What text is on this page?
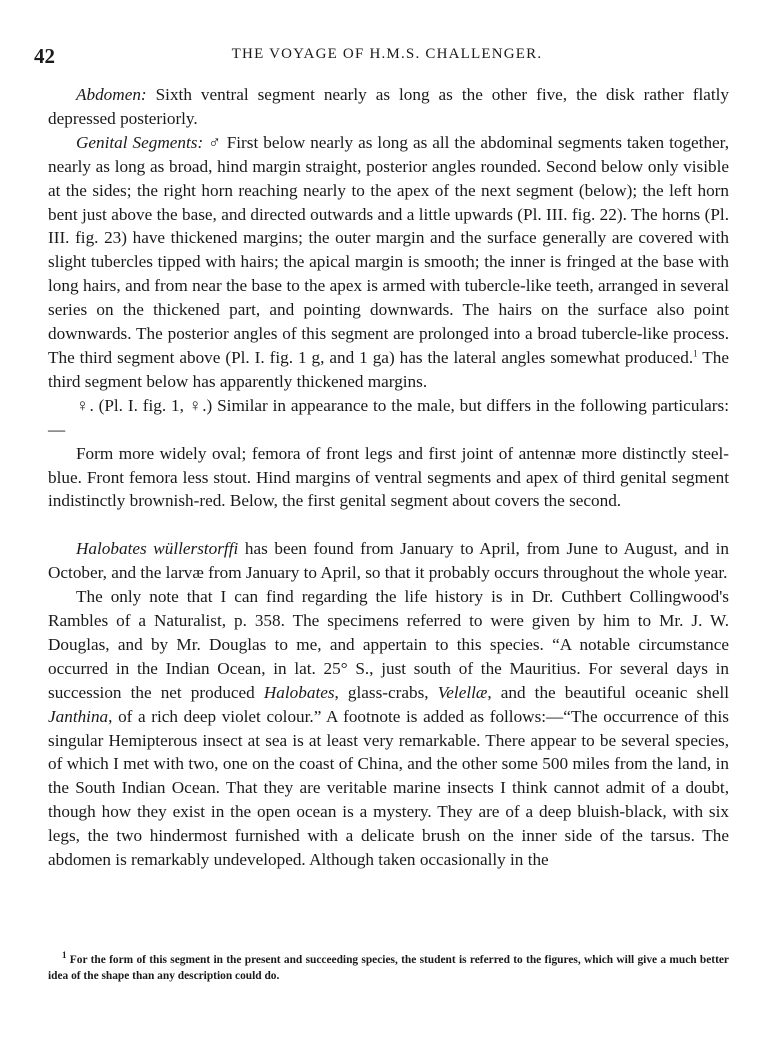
42	THE VOYAGE OF H.M.S. CHALLENGER.

Abdomen: Sixth ventral segment nearly as long as the other five, the disk rather flatly depressed posteriorly.

Genital Segments: ♂ First below nearly as long as all the abdominal segments taken together, nearly as long as broad, hind margin straight, posterior angles rounded. Second below only visible at the sides; the right horn reaching nearly to the apex of the next segment (below); the left horn bent just above the base, and directed outwards and a little upwards (Pl. III. fig. 22). The horns (Pl. III. fig. 23) have thickened margins; the outer margin and the surface generally are covered with slight tubercles tipped with hairs; the apical margin is smooth; the inner is fringed at the base with long hairs, and from near the base to the apex is armed with tubercle-like teeth, arranged in several series on the thickened part, and pointing downwards. The hairs on the surface also point downwards. The posterior angles of this segment are prolonged into a broad tubercle-like process. The third segment above (Pl. I. fig. 1 g, and 1 ga) has the lateral angles somewhat produced.$^1$ The third segment below has apparently thickened margins.

♀. (Pl. I. fig. 1, ♀.) Similar in appearance to the male, but differs in the following particulars:—

Form more widely oval; femora of front legs and first joint of antennæ more distinctly steel-blue. Front femora less stout. Hind margins of ventral segments and apex of third genital segment indistinctly brownish-red. Below, the first genital segment about covers the second.

Halobates wüllerstorffi has been found from January to April, from June to August, and in October, and the larvæ from January to April, so that it probably occurs throughout the whole year.

The only note that I can find regarding the life history is in Dr. Cuthbert Collingwood's Rambles of a Naturalist, p. 358. The specimens referred to were given by him to Mr. J. W. Douglas, and by Mr. Douglas to me, and appertain to this species. “A notable circumstance occurred in the Indian Ocean, in lat. 25° S., just south of the Mauritius. For several days in succession the net produced Halobates, glass-crabs, Velellæ, and the beautiful oceanic shell Janthina, of a rich deep violet colour.” A footnote is added as follows:—“The occurrence of this singular Hemipterous insect at sea is at least very remarkable. There appear to be several species, of which I met with two, one on the coast of China, and the other some 500 miles from the land, in the South Indian Ocean. That they are veritable marine insects I think cannot admit of a doubt, though how they exist in the open ocean is a mystery. They are of a deep bluish-black, with six legs, the two hindermost furnished with a delicate brush on the inner side of the tarsus. The abdomen is remarkably undeveloped. Although taken occasionally in the

$^1$ For the form of this segment in the present and succeeding species, the student is referred to the figures, which will give a much better idea of the shape than any description could do.
